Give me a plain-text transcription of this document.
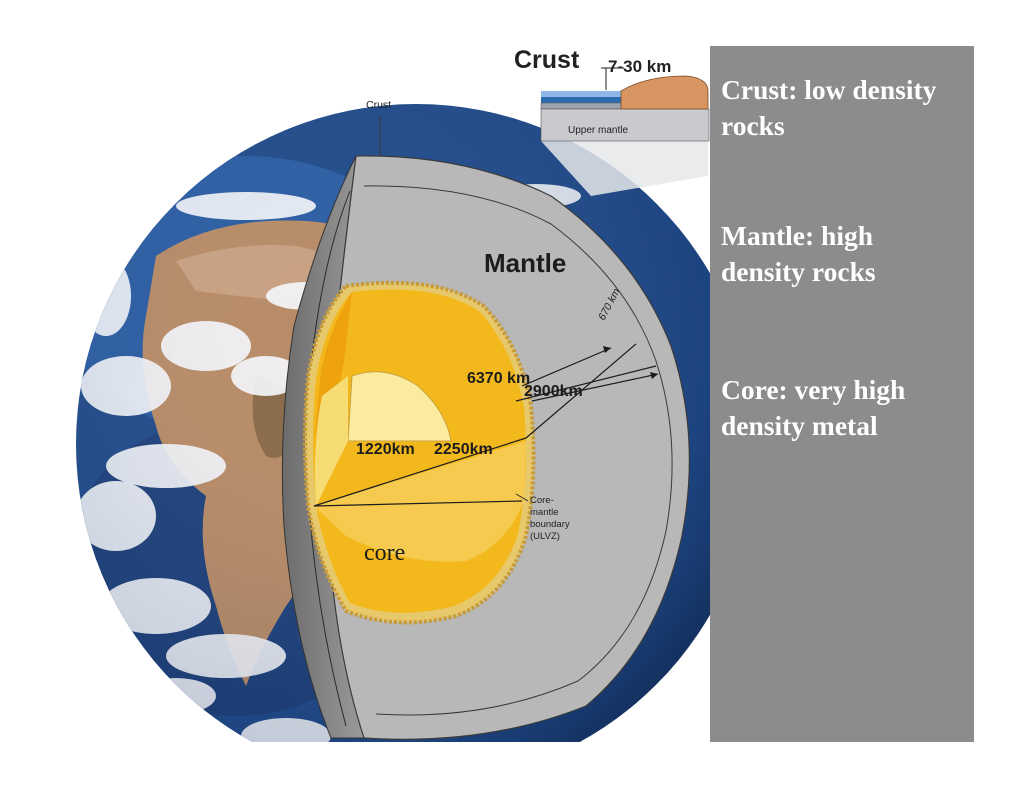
Crust 7-30 km
Upper mantle
Crust
Mantle
670 km
6370 km
2900km
1220km 2250km
Core-
mantle
boundary
(ULVZ)
core

Crust: low density
rocks

Mantle: high
density rocks

Core: very high
density metal
